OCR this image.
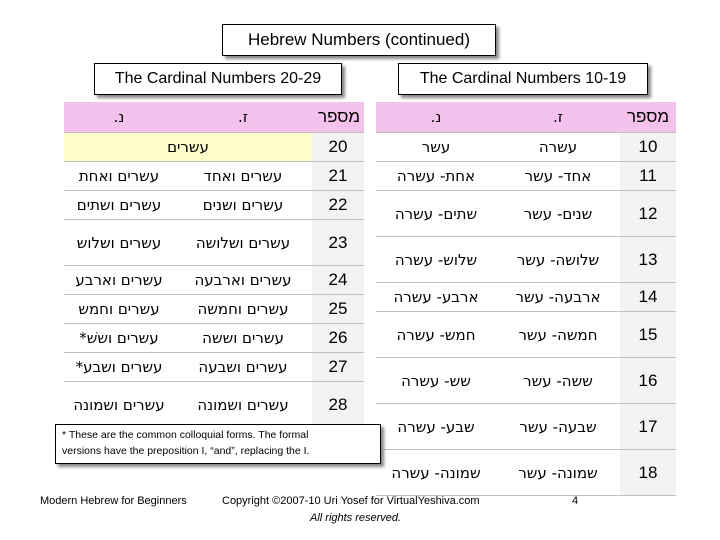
Hebrew Numbers (continued)
The Cardinal Numbers 20-29	The Cardinal Numbers 10-19
נ.	ז.	מספר
עשרים		20
עשרים ואחת	עשרים ואחד	21
עשרים ושתים	עשרים ושנים	22
עשרים ושלוש	עשרים ושלושה	23
עשרים וארבע	עשרים וארבעה	24
עשרים וחמש	עשרים וחמשה	25
עשרים וששׁ*	עשרים וששה	26
עשרים ושבע*	עשרים ושבעה	27
עשרים ושמונה	עשרים ושמונה	28
נ.	ז.	מספר
עשר	עשרה	10
אחת- עשרה	אחד- עשר	11
שתים- עשרה	שנים- עשר	12
שלוש- עשרה	שלושה- עשר	13
ארבע- עשרה	ארבעה- עשר	14
חמש- עשרה	חמשה- עשר	15
שש- עשרה	ששה- עשר	16
שבע- עשרה	שבעה- עשר	17
שמונה- עשרה	שמונה- עשר	18
* These are the common colloquial forms. The formal
versions have the preposition I, “and”, replacing the I.
Modern Hebrew for Beginners	Copyright ©2007-10 Uri Yosef for VirtualYeshiva.com
All rights reserved.
4
